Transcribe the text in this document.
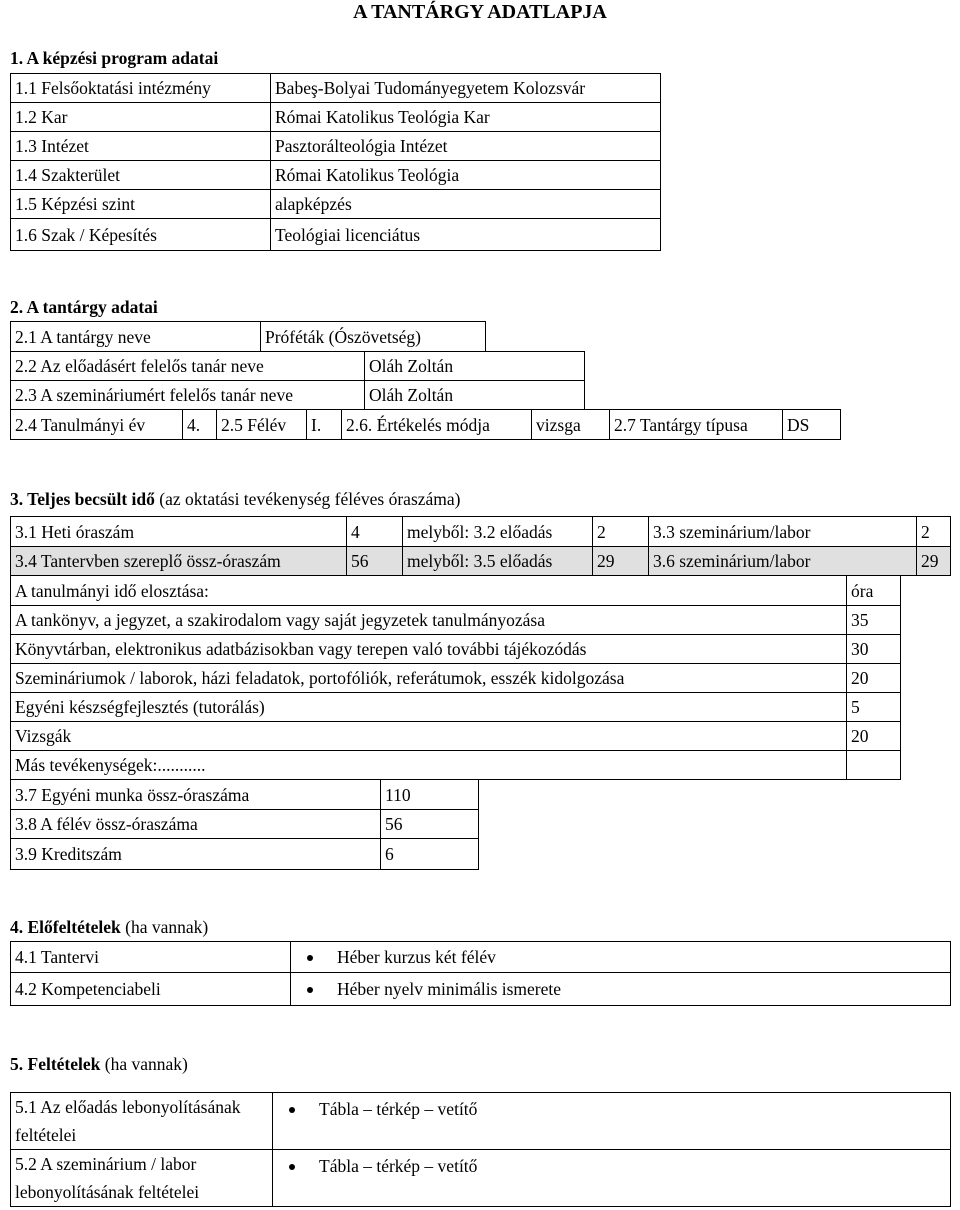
A TANTÁRGY ADATLAPJA
1. A képzési program adatai
1.1 Felsőoktatási intézmény	Babeş-Bolyai Tudományegyetem Kolozsvár
1.2 Kar	Római Katolikus Teológia Kar
1.3 Intézet	Pasztorálteológia Intézet
1.4 Szakterület	Római Katolikus Teológia
1.5 Képzési szint	alapképzés
1.6 Szak / Képesítés	Teológiai licenciátus
2. A tantárgy adatai
2.1 A tantárgy neve	Próféták (Ószövetség)
2.2 Az előadásért felelős tanár neve	Oláh Zoltán
2.3 A szemináriumért felelős tanár neve	Oláh Zoltán
2.4 Tanulmányi év	4.	2.5 Félév	I.	2.6. Értékelés módja	vizsga	2.7 Tantárgy típusa	DS
3. Teljes becsült idő (az oktatási tevékenység féléves óraszáma)
3.1 Heti óraszám	4	melyből: 3.2 előadás	2	3.3 szeminárium/labor	2
3.4 Tantervben szereplő össz-óraszám	56	melyből: 3.5 előadás	29	3.6 szeminárium/labor	29
A tanulmányi idő elosztása:	óra
A tankönyv, a jegyzet, a szakirodalom vagy saját jegyzetek tanulmányozása	35
Könyvtárban, elektronikus adatbázisokban vagy terepen való további tájékozódás	30
Szemináriumok / laborok, házi feladatok, portofóliók, referátumok, esszék kidolgozása	20
Egyéni készségfejlesztés (tutorálás)	5
Vizsgák	20
Más tevékenységek:...........	
3.7 Egyéni munka össz-óraszáma	110
3.8 A félév össz-óraszáma	56
3.9 Kreditszám	6
4. Előfeltételek (ha vannak)
4.1 Tantervi	Héber kurzus két félév
4.2 Kompetenciabeli	Héber nyelv minimális ismerete
5. Feltételek (ha vannak)
5.1 Az előadás lebonyolításának feltételei	Tábla – térkép – vetítő
5.2 A szeminárium / labor lebonyolításának feltételei	Tábla – térkép – vetítő
